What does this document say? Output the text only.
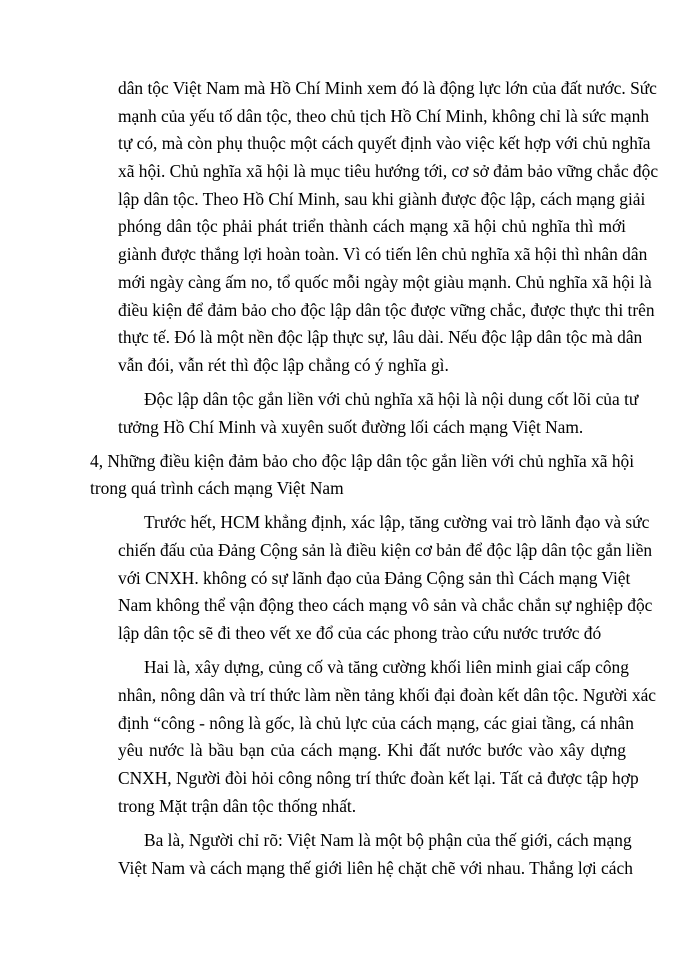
dân tộc Việt Nam mà Hồ Chí Minh xem đó là động lực lớn của đất nước. Sức

mạnh của yếu tố dân tộc, theo chủ tịch Hồ Chí Minh, không chỉ là sức mạnh

tự có, mà còn phụ thuộc một cách quyết định vào việc kết hợp với chủ nghĩa

xã hội. Chủ nghĩa xã hội là mục tiêu hướng tới, cơ sở đảm bảo vững chắc độc

lập dân tộc. Theo Hồ Chí Minh, sau khi giành được độc lập, cách mạng giải

phóng dân tộc phải phát triển thành cách mạng xã hội chủ nghĩa thì mới

giành được thắng lợi hoàn toàn. Vì có tiến lên chủ nghĩa xã hội thì nhân dân

mới ngày càng ấm no, tổ quốc mỗi ngày một giàu mạnh. Chủ nghĩa xã hội là

điều kiện để đảm bảo cho độc lập dân tộc được vững chắc, được thực thi trên

thực tế. Đó là một nền độc lập thực sự, lâu dài. Nếu độc lập dân tộc mà dân

vẫn đói, vẫn rét thì độc lập chẳng có ý nghĩa gì.

Độc lập dân tộc gắn liền với chủ nghĩa xã hội là nội dung cốt lõi của tư

tưởng Hồ Chí Minh và xuyên suốt đường lối cách mạng Việt Nam.

4, Những điều kiện đảm bảo cho độc lập dân tộc gắn liền với chủ nghĩa xã hội

trong quá trình cách mạng Việt Nam

Trước hết, HCM khẳng định, xác lập, tăng cường vai trò lãnh đạo và sức

chiến đấu của Đảng Cộng sản là điều kiện cơ bản để độc lập dân tộc gắn liền

với CNXH. không có sự lãnh đạo của Đảng Cộng sản thì Cách mạng Việt

Nam không thể vận động theo cách mạng vô sản và chắc chắn sự nghiệp độc

lập dân tộc sẽ đi theo vết xe đổ của các phong trào cứu nước trước đó

Hai là, xây dựng, củng cố và tăng cường khối liên minh giai cấp công

nhân, nông dân và trí thức làm nền tảng khối đại đoàn kết dân tộc. Người xác

định “công - nông là gốc, là chủ lực của cách mạng, các giai tầng, cá nhân

yêu nước là bầu bạn của cách mạng. Khi đất nước bước vào xây dựng

CNXH, Người đòi hỏi công nông trí thức đoàn kết lại. Tất cả được tập hợp

trong Mặt trận dân tộc thống nhất.

Ba là, Người chỉ rõ: Việt Nam là một bộ phận của thế giới, cách mạng

Việt Nam và cách mạng thế giới liên hệ chặt chẽ với nhau. Thắng lợi cách
